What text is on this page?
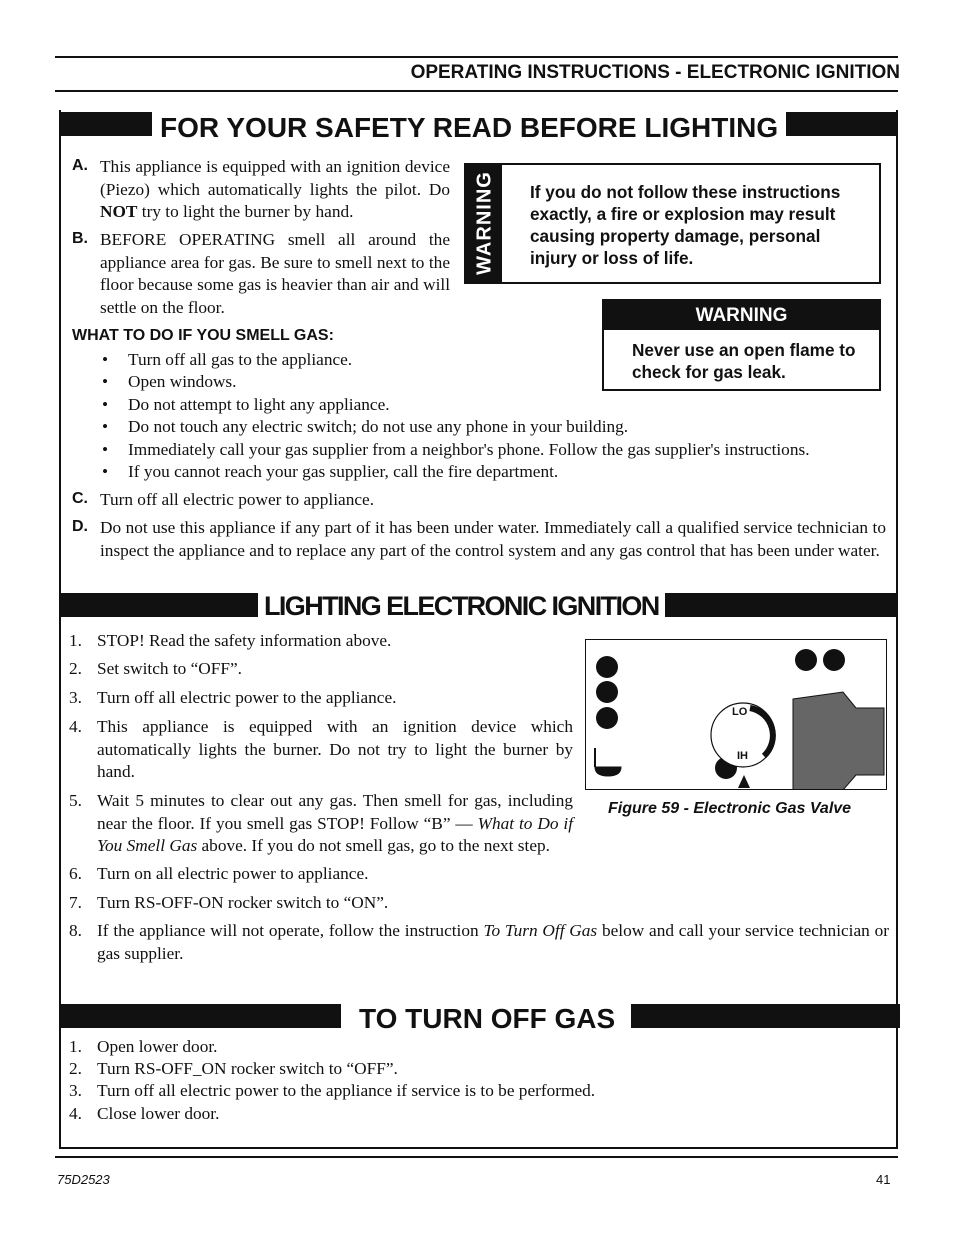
OPERATING INSTRUCTIONS - ELECTRONIC IGNITION
FOR YOUR SAFETY READ BEFORE LIGHTING
A. This appliance is equipped with an ignition device (Piezo) which automatically lights the pilot. Do NOT try to light the burner by hand.
B. BEFORE OPERATING smell all around the appliance area for gas. Be sure to smell next to the floor because some gas is heavier than air and will settle on the floor.
WARNING	If you do not follow these instructions exactly, a fire or explosion may result causing property damage, personal injury or loss of life.
WARNING
Never use an open flame to check for gas leak.
WHAT TO DO IF YOU SMELL GAS:
• Turn off all gas to the appliance.
• Open windows.
• Do not attempt to light any appliance.
• Do not touch any electric switch; do not use any phone in your building.
• Immediately call your gas supplier from a neighbor's phone. Follow the gas supplier's instructions.
• If you cannot reach your gas supplier, call the fire department.
C. Turn off all electric power to appliance.
D. Do not use this appliance if any part of it has been under water. Immediately call a qualified service technician to inspect the appliance and to replace any part of the control system and any gas control that has been under water.
LIGHTING ELECTRONIC IGNITION
1. STOP! Read the safety information above.
2. Set switch to “OFF”.
3. Turn off all electric power to the appliance.
4. This appliance is equipped with an ignition device which automatically lights the burner. Do not try to light the burner by hand.
5. Wait 5 minutes to clear out any gas. Then smell for gas, including near the floor. If you smell gas STOP! Follow “B” — What to Do if You Smell Gas above. If you do not smell gas, go to the next step.
6. Turn on all electric power to appliance.
7. Turn RS-OFF-ON rocker switch to “ON”.
8. If the appliance will not operate, follow the instruction To Turn Off Gas below and call your service technician or gas supplier.
LO
IH
Figure 59 - Electronic Gas Valve
TO TURN OFF GAS
1. Open lower door.
2. Turn RS-OFF_ON rocker switch to “OFF”.
3. Turn off all electric power to the appliance if service is to be performed.
4. Close lower door.
75D2523	41
